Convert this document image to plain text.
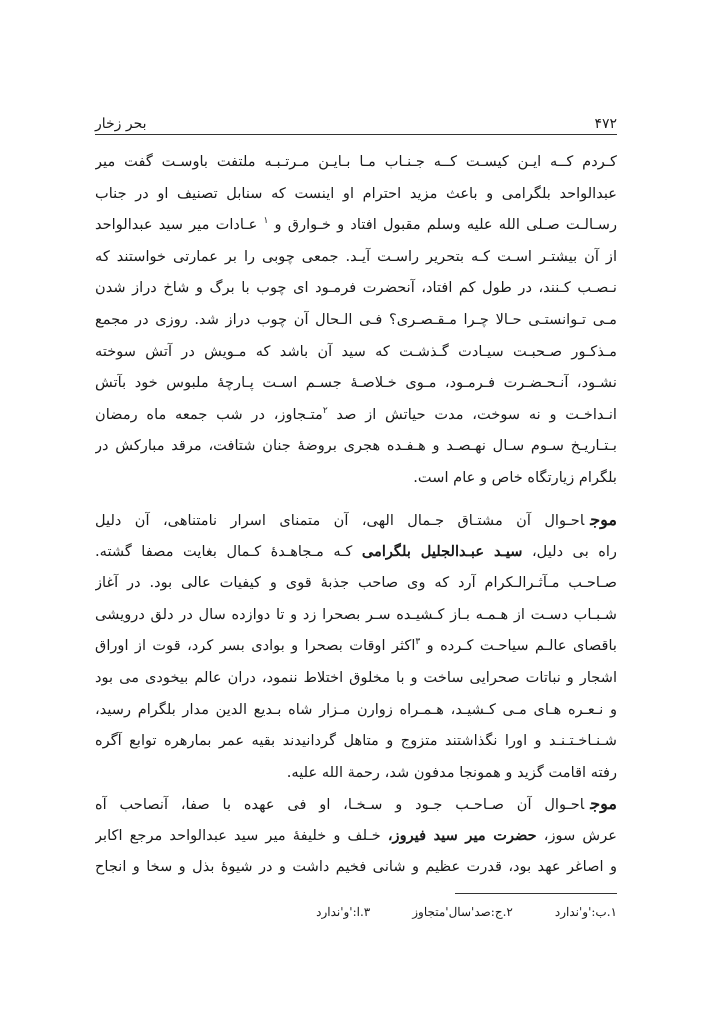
۴۷۲
بحر زخار
کـردم کــه ایـن کیسـت کــه جـنـاب مـا بـایـن مـرتـبـه ملتفت باوسـت گفت میر
عبدالواحد بلگرامی و باعث مزید احترام او اینست که سنابل تصنیف او در جناب
رسـالـت صـلی الله علیه وسلم مقبول افتاد و خـوارق و $^۱$ عـادات میر سید عبدالواحد
از آن بیشتـر اسـت کـه بتحریر راسـت آیـد. جمعی چوبی را بر عمارتی خواستند که
نـصـب کـنند، در طول کم افتاد، آنحضرت فرمـود ای چوب با برگ و شاخ دراز شدن
مـی تـوانستـی حـالا چـرا مـقـصـری؟ فـی الـحال آن چوب دراز شد. روزی در مجمع
مـذکـور صـحبـت سیـادت گـذشـت که سید آن باشد که مـویش در آتش سوخته
نشـود، آنـحـضـرت فـرمـود، مـوی خـلاصـهٔ جسـم اسـت پـارچهٔ ملبوس خود بآتش
انـداخـت و نه سوخت، مدت حیاتش از صد $^۲$متـجاوز، در شب جمعه ماه رمضان
بـتـاریـخ سـوم سـال نهـصـد و هـفـده هجری بروضهٔ جنان شتافت، مرقد مبارکش در
بلگرام زیارتگاه خاص و عام است.
موجاحـوال آن مشتـاق جـمال الهی، آن متمنای اسرار نامتناهی، آن دلیل
راه بی دلیل، سیـد عبـدالجلیل بلگرامی کـه مـجاهـدهٔ کـمال بغایت مصفا گشته.
صـاحـب مـآثـرالـکرام آرد که وی صاحب جذبهٔ قوی و کیفیات عالی بود. در آغاز
شـبـاب دسـت از هـمـه بـاز کـشیـده سـر بصحرا زد و تا دوازده سال در دلق درویشی
باقصای عالـم سیاحـت کـرده و $^۳$اکثر اوقات بصحرا و بوادی بسر کرد، قوت از اوراق
اشجار و نباتات صحرایی ساخت و با مخلوق اختلاط ننمود، دران عالم بیخودی می بود
و نـعـره هـای مـی کـشیـد، هـمـراه زوارن مـزار شاه بـدیع الدین مدار بلگرام رسید،
شـنـاخـتـنـد و اورا نگذاشتند متزوج و متاهل گردانیدند بقیه عمر بمارهره توابع آگره
رفته اقامت گزید و همونجا مدفون شد، رحمة الله علیه.
موجاحـوال آن صـاحـب جـود و سـخـا، او فی عهده با صفا، آنصاحب آه
عرش سوز، حضرت میر سید فیروز، خـلف و خلیفهٔ میر سید عبدالواحد مرجع اکابر
و اصاغر عهد بود، قدرت عظیم و شانی فخیم داشت و در شیوهٔ بذل و سخا و انجاح
۱.ب:'و'ندارد
۲.ج:صد'سال'متجاوز
۳.ا:'و'ندارد
